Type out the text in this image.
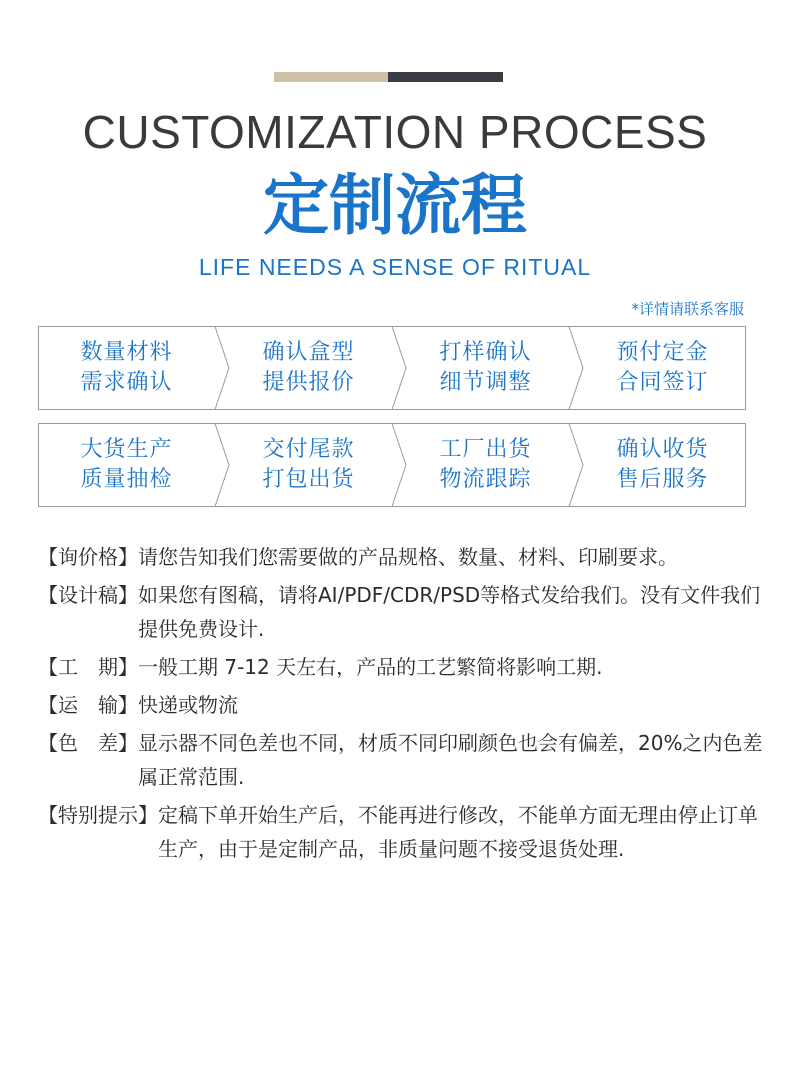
CUSTOMIZATION PROCESS
定制流程
LIFE NEEDS A SENSE OF RITUAL
*详情请联系客服
数量材料
需求确认
确认盒型
提供报价
打样确认
细节调整
预付定金
合同签订
大货生产
质量抽检
交付尾款
打包出货
工厂出货
物流跟踪
确认收货
售后服务
【询价格】 请您告知我们您需要做的产品规格、数量、材料、印刷要求。
【设计稿】 如果您有图稿，请将AI/PDF/CDR/PSD等格式发给我们。没有文件我们提供免费设计.
【工　期】 一般工期 7-12 天左右，产品的工艺繁简将影响工期.
【运　输】 快递或物流
【色　差】 显示器不同色差也不同，材质不同印刷颜色也会有偏差，20%之内色差属正常范围.
【特别提示】 定稿下单开始生产后，不能再进行修改，不能单方面无理由停止订单生产，由于是定制产品，非质量问题不接受退货处理.
